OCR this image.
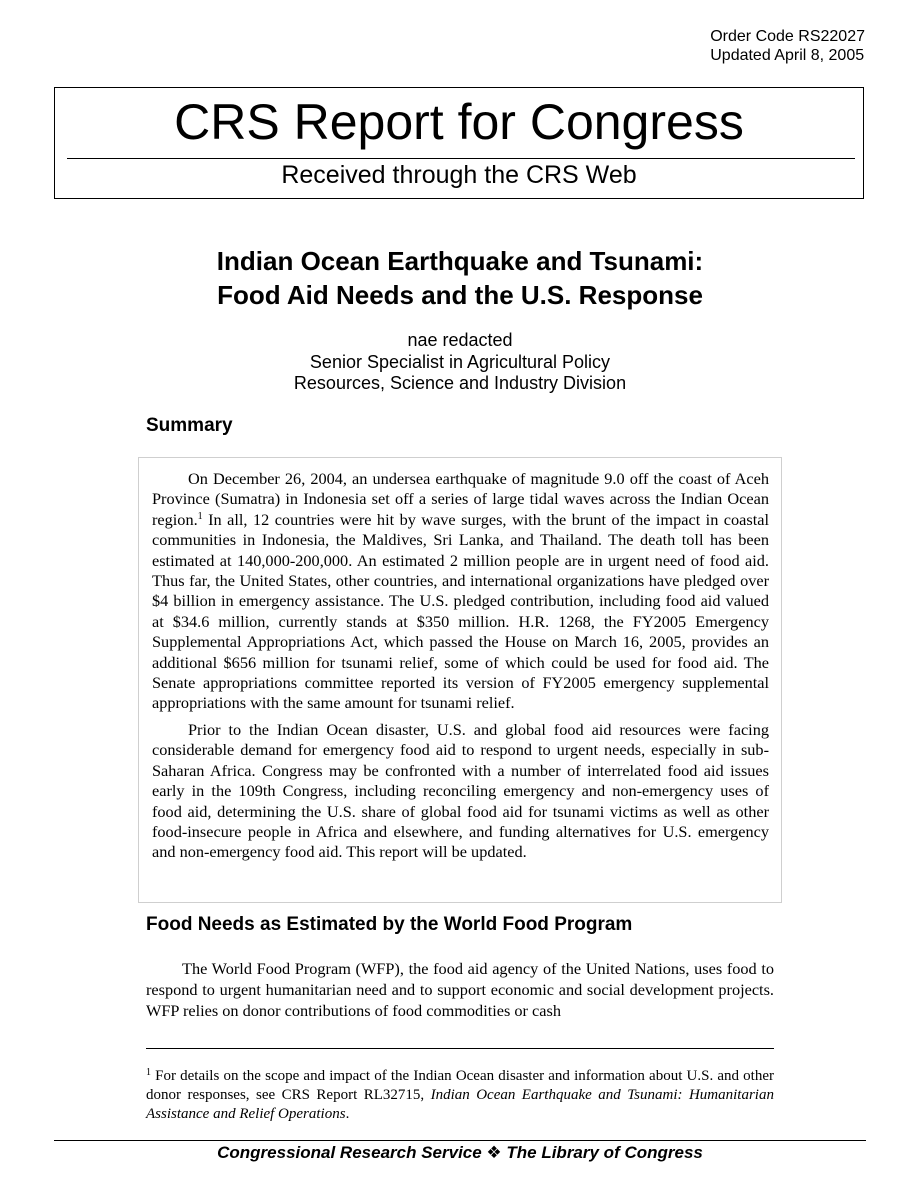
Order Code RS22027
Updated April 8, 2005
CRS Report for Congress
Received through the CRS Web
Indian Ocean Earthquake and Tsunami:
Food Aid Needs and the U.S. Response
nae redacted
Senior Specialist in Agricultural Policy
Resources, Science and Industry Division
Summary

On December 26, 2004, an undersea earthquake of magnitude 9.0 off the coast of Aceh Province (Sumatra) in Indonesia set off a series of large tidal waves across the Indian Ocean region.$^1$ In all, 12 countries were hit by wave surges, with the brunt of the impact in coastal communities in Indonesia, the Maldives, Sri Lanka, and Thailand. The death toll has been estimated at 140,000-200,000. An estimated 2 million people are in urgent need of food aid. Thus far, the United States, other countries, and international organizations have pledged over $4 billion in emergency assistance. The U.S. pledged contribution, including food aid valued at $34.6 million, currently stands at $350 million. H.R. 1268, the FY2005 Emergency Supplemental Appropriations Act, which passed the House on March 16, 2005, provides an additional $656 million for tsunami relief, some of which could be used for food aid. The Senate appropriations committee reported its version of FY2005 emergency supplemental appropriations with the same amount for tsunami relief.

Prior to the Indian Ocean disaster, U.S. and global food aid resources were facing considerable demand for emergency food aid to respond to urgent needs, especially in sub-Saharan Africa. Congress may be confronted with a number of interrelated food aid issues early in the 109th Congress, including reconciling emergency and non-emergency uses of food aid, determining the U.S. share of global food aid for tsunami victims as well as other food-insecure people in Africa and elsewhere, and funding alternatives for U.S. emergency and non-emergency food aid. This report will be updated.

Food Needs as Estimated by the World Food Program

The World Food Program (WFP), the food aid agency of the United Nations, uses food to respond to urgent humanitarian need and to support economic and social development projects. WFP relies on donor contributions of food commodities or cash

$^1$ For details on the scope and impact of the Indian Ocean disaster and information about U.S. and other donor responses, see CRS Report RL32715, Indian Ocean Earthquake and Tsunami: Humanitarian Assistance and Relief Operations.

Congressional Research Service ❖ The Library of Congress
